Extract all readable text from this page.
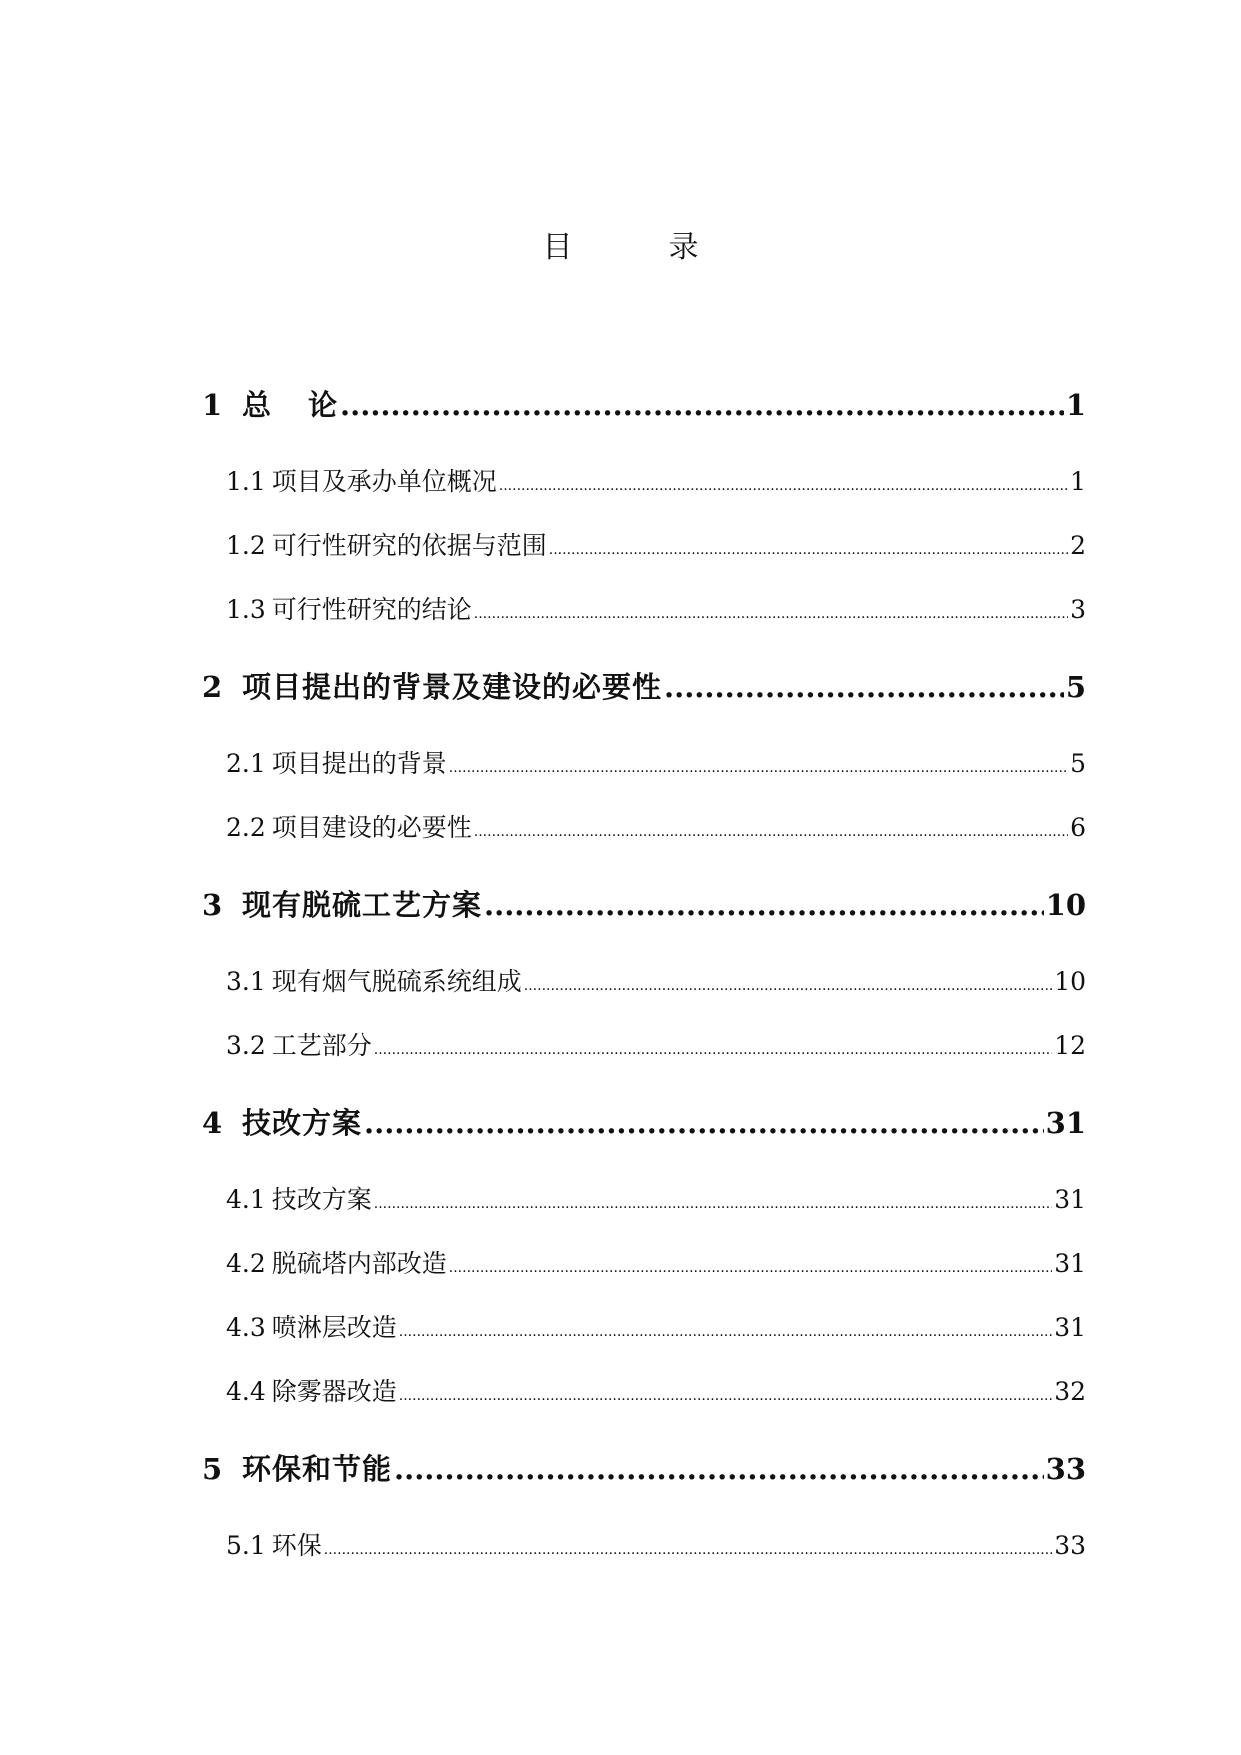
目	录
1 总 论 .....	1
1.1 项目及承办单位概况 .....	1
1.2 可行性研究的依据与范围 .....	2
1.3 可行性研究的结论 .....	3
2 项目提出的背景及建设的必要性 .....	5
2.1 项目提出的背景 .....	5
2.2 项目建设的必要性 .....	6
3 现有脱硫工艺方案 .....	10
3.1 现有烟气脱硫系统组成 .....	10
3.2 工艺部分 .....	12
4 技改方案 .....	31
4.1 技改方案 .....	31
4.2 脱硫塔内部改造 .....	31
4.3 喷淋层改造 .....	31
4.4 除雾器改造 .....	32
5 环保和节能 .....	33
5.1 环保 .....	33
